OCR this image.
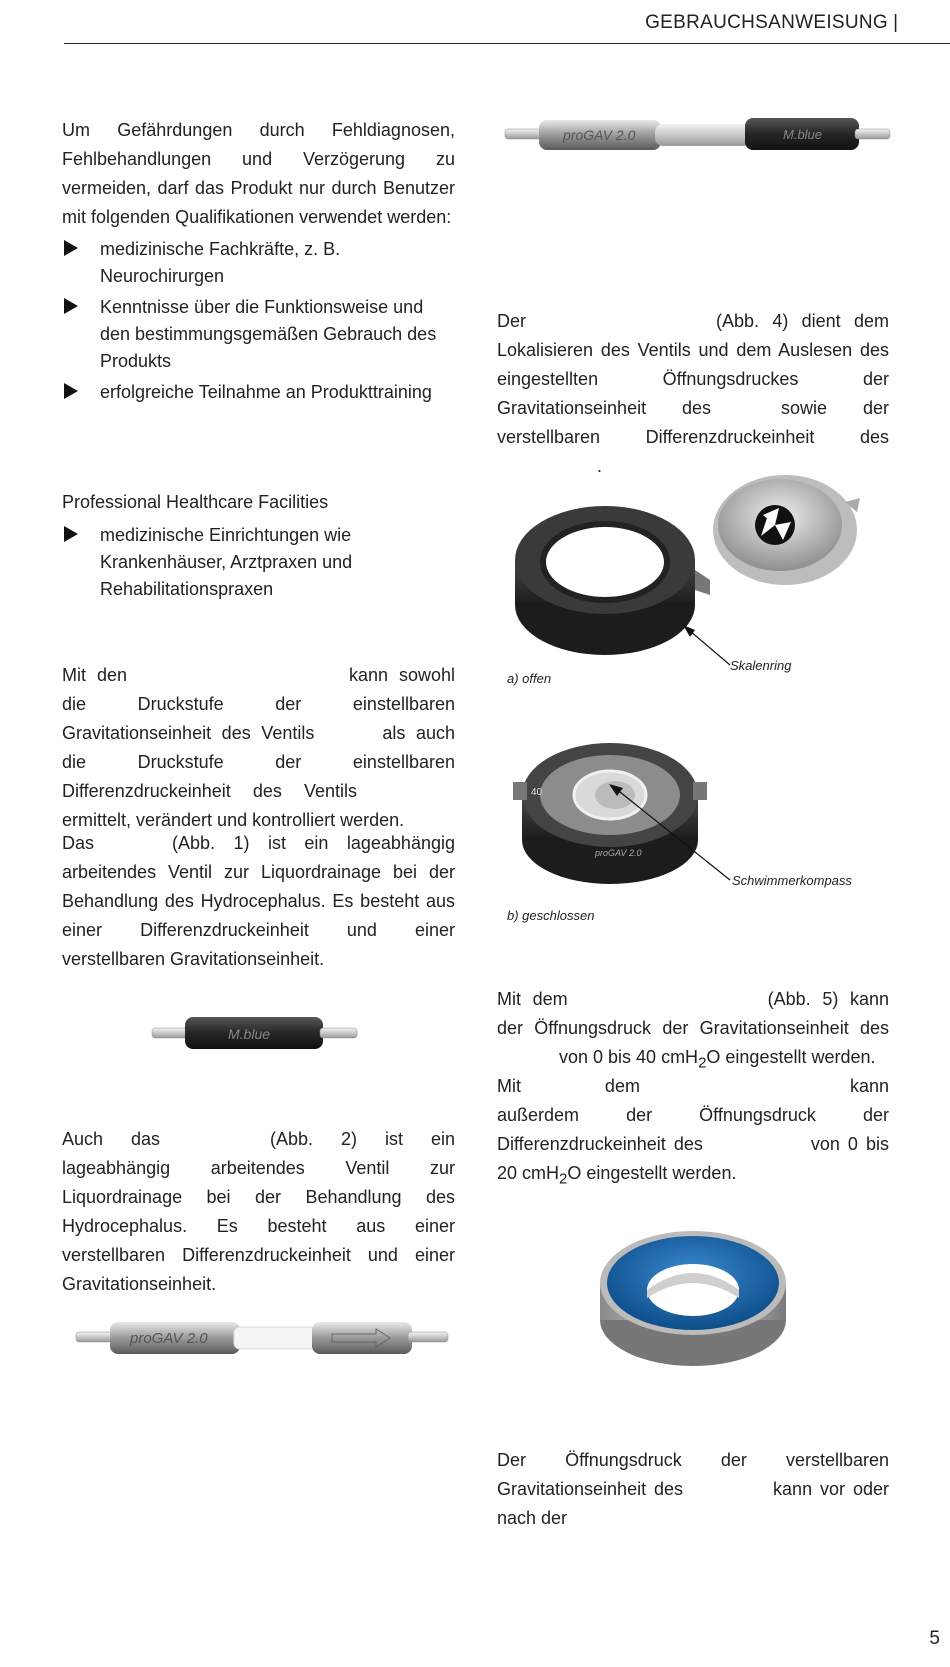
GEBRAUCHSANWEISUNG |

Um Gefährdungen durch Fehldiagnosen, Fehlbehandlungen und Verzögerung zu vermeiden, darf das Produkt nur durch Benutzer mit folgenden Qualifikationen verwendet werden:

medizinische Fachkräfte, z. B. Neurochirurgen
Kenntnisse über die Funktionsweise und den bestimmungsgemäßen Gebrauch des Produkts
erfolgreiche Teilnahme an Produkttraining

Professional Healthcare Facilities

medizinische Einrichtungen wie Krankenhäuser, Arztpraxen und Rehabilitationspraxen

Mit den	kann sowohl die Druckstufe der einstellbaren Gravitationseinheit des Ventils	als auch die Druckstufe der einstellbaren Differenzdruckeinheit des Ventilsermittelt, verändert und kontrolliert werden.

Das	(Abb. 1) ist ein lageabhängig arbeitendes Ventil zur Liquordrainage bei der Behandlung des Hydrocephalus. Es besteht aus einer Differenzdruckeinheit und einer verstellbaren Gravitationseinheit.

Auch das	(Abb. 2) ist ein lageabhängig arbeitendes Ventil zur Liquordrainage bei der Behandlung des Hydrocephalus. Es besteht aus einer verstellbaren Differenzdruckeinheit und einer Gravitationseinheit.

Der	(Abb. 4) dient dem Lokalisieren des Ventils und dem Auslesen des eingestellten Öffnungsdruckes der Gravitationseinheit des	sowie der verstellbaren Differenzdruckeinheit des.

Mit dem	(Abb. 5) kann der Öffnungsdruck der Gravitationseinheit desvon 0 bis 40 cmH$_2$O eingestellt werden.

Mit dem	kann außerdem der Öffnungsdruck der Differenzdruckeinheit des	von 0 bis 20 cmH$_2$O eingestellt werden.

Der Öffnungsdruck der verstellbaren Gravitationseinheit des	kann vor oder nach der

proGAV 2.0	M.blue
Skalenring
a) offen
40
proGAV 2.0
Schwimmerkompass
b) geschlossen
M.blue
proGAV 2.0
5
